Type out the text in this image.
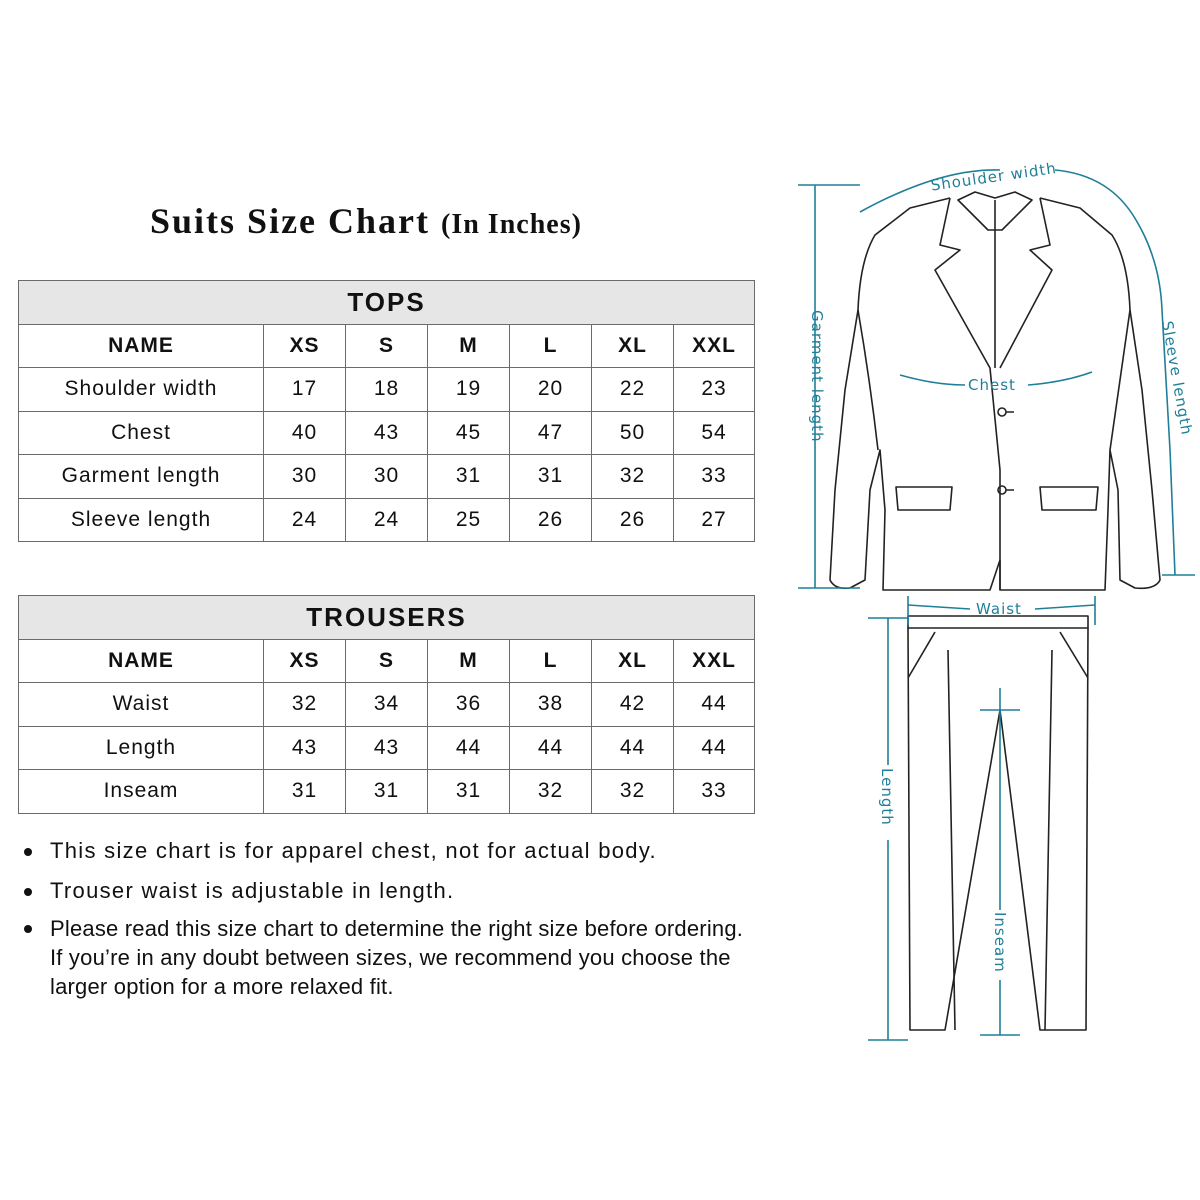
Suits Size Chart (In Inches)
TOPS						
NAME	XS	S	M	L	XL	XXL
Shoulder width	17	18	19	20	22	23
Chest	40	43	45	47	50	54
Garment length	30	30	31	31	32	33
Sleeve length	24	24	25	26	26	27
TROUSERS						
NAME	XS	S	M	L	XL	XXL
Waist	32	34	36	38	42	44
Length	43	43	44	44	44	44
Inseam	31	31	31	32	32	33
This size chart is for apparel chest, not for actual body.
Trouser waist is adjustable in length.
Please read this size chart to determine the right size before ordering.
If you’re in any doubt between sizes, we recommend you choose the
larger option for a more relaxed fit.
Shoulder width
Garment length	Sleeve length
Chest
Waist
Length
Inseam
